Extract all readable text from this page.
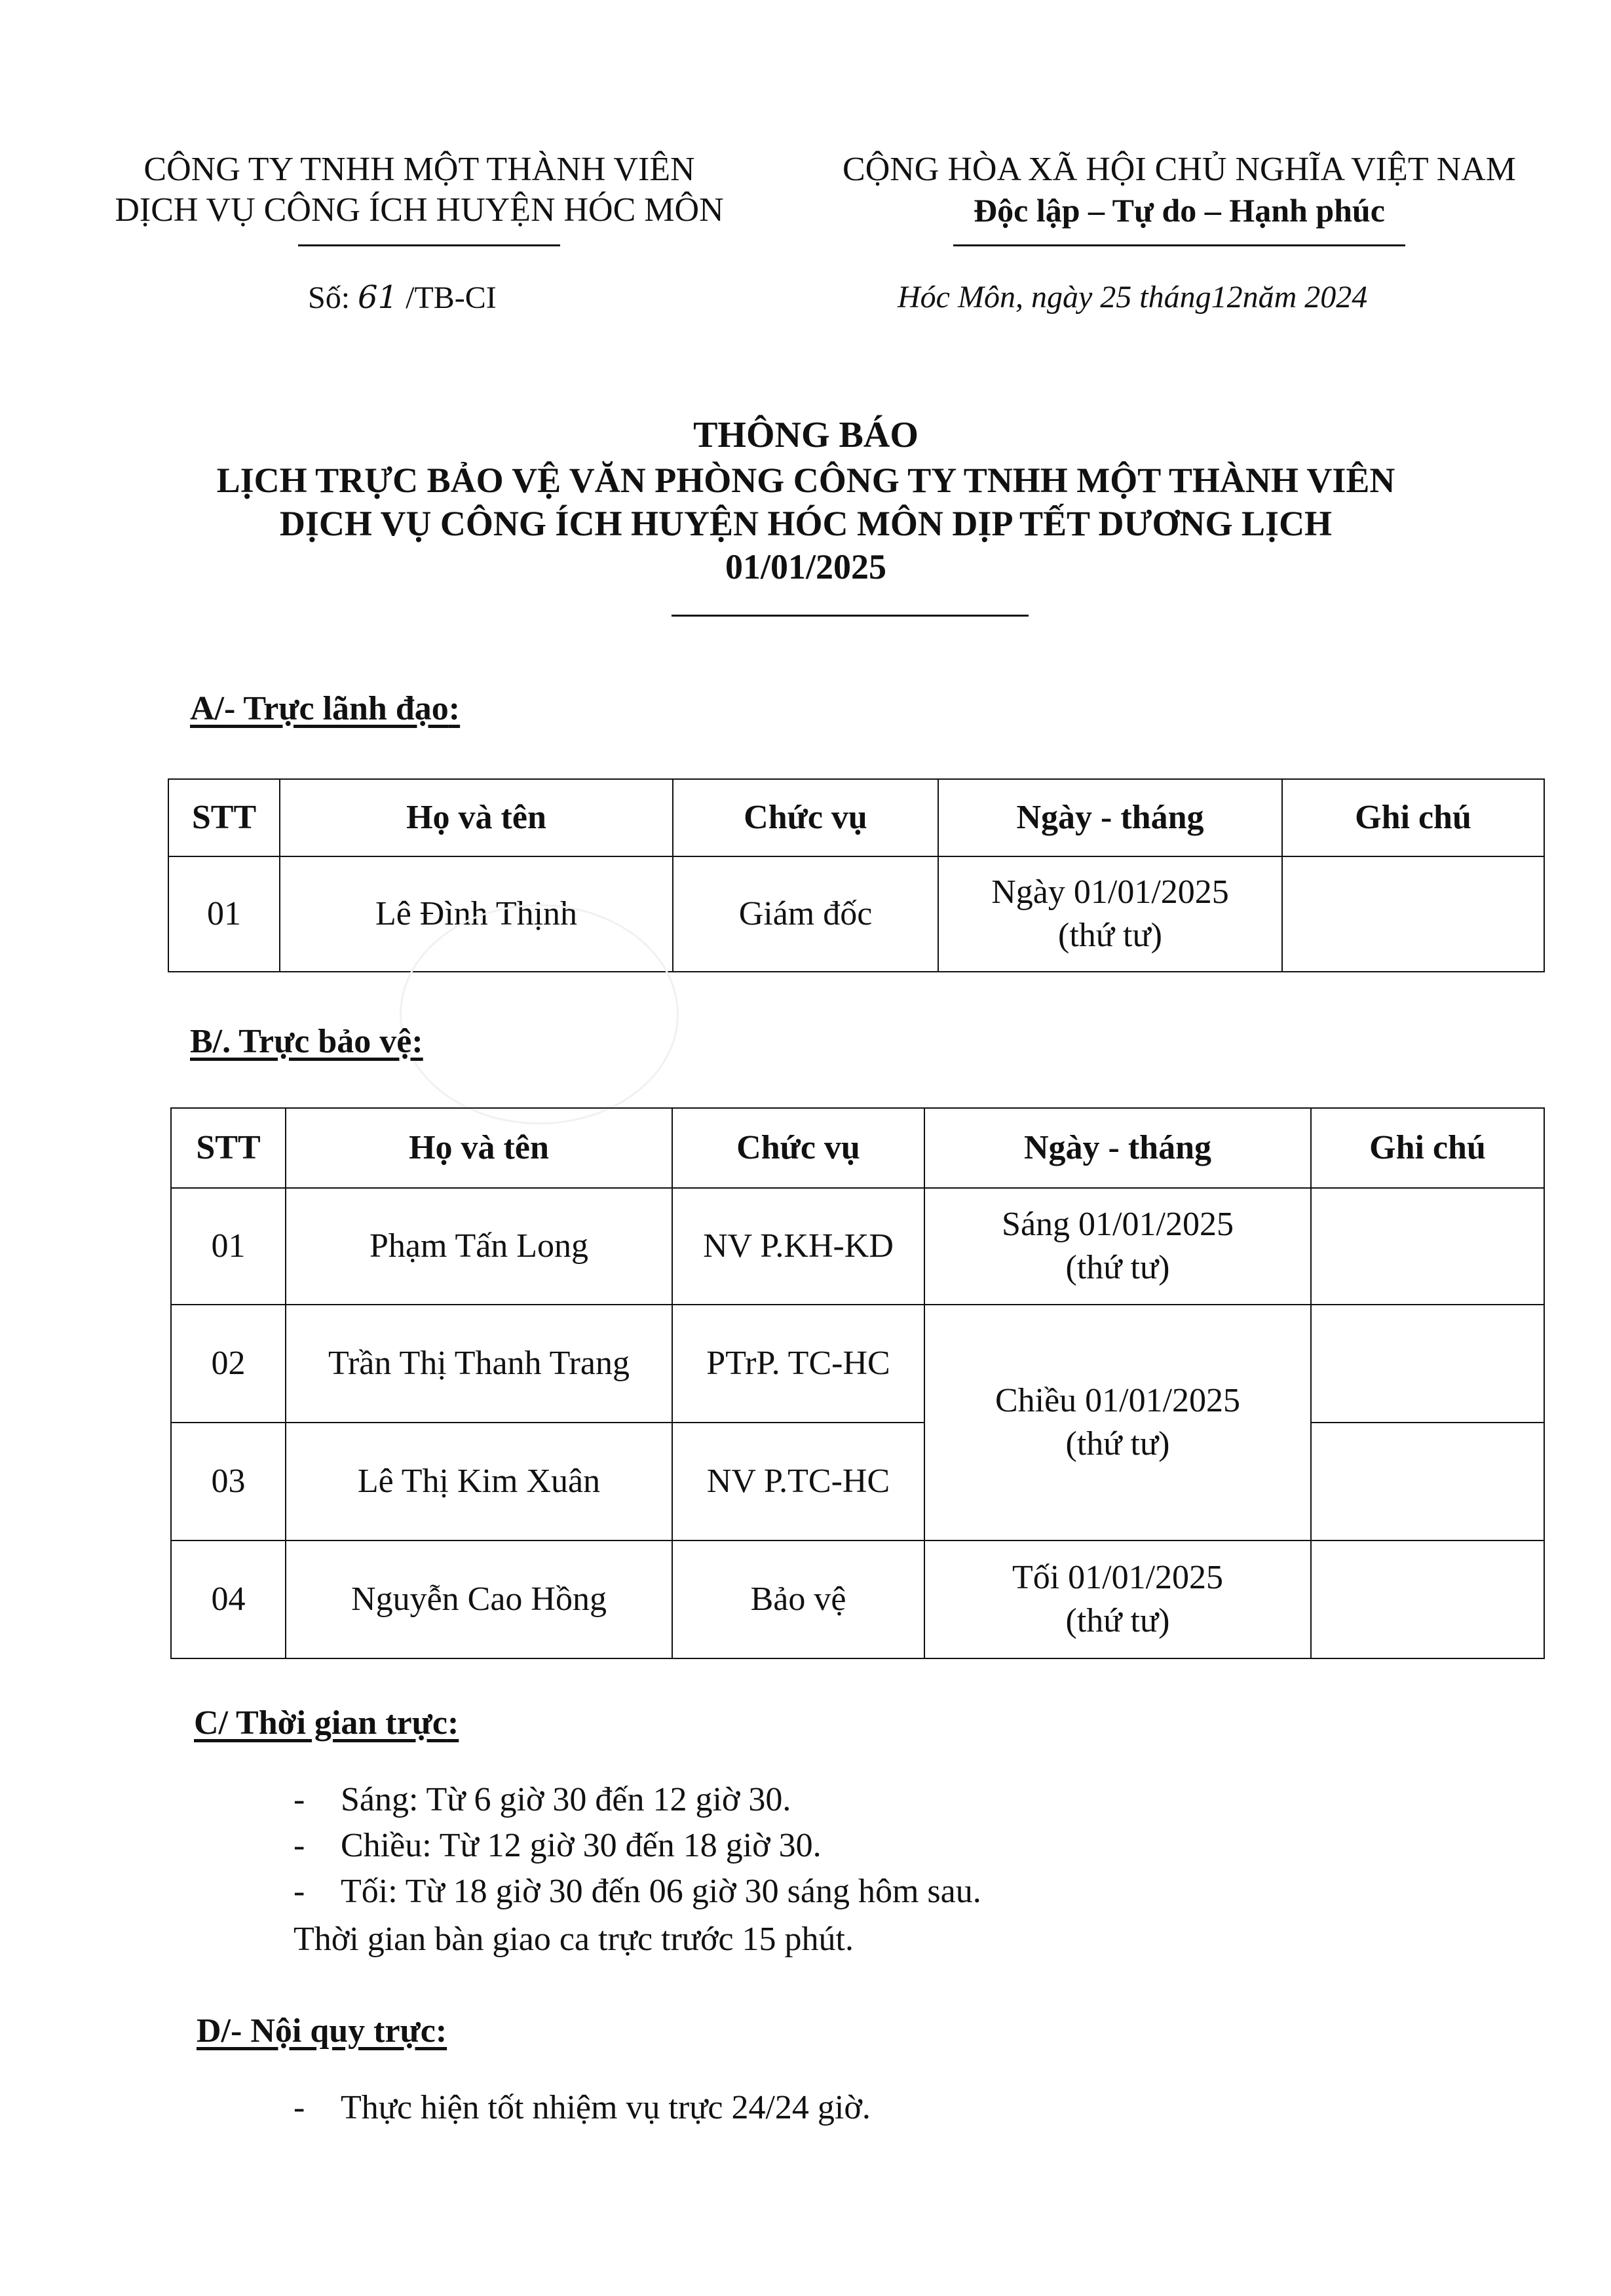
CÔNG TY TNHH MỘT THÀNH VIÊN
DỊCH VỤ CÔNG ÍCH HUYỆN HÓC MÔN
CỘNG HÒA XÃ HỘI CHỦ NGHĨA VIỆT NAM
Độc lập – Tự do – Hạnh phúc
Số: 61 /TB-CI	Hóc Môn, ngày 25 tháng12năm 2024
THÔNG BÁO
LỊCH TRỰC BẢO VỆ VĂN PHÒNG CÔNG TY TNHH MỘT THÀNH VIÊN
DỊCH VỤ CÔNG ÍCH HUYỆN HÓC MÔN DỊP TẾT DƯƠNG LỊCH
01/01/2025
A/- Trực lãnh đạo:
STT	Họ và tên	Chức vụ	Ngày - tháng	Ghi chú
01	Lê Đình Thịnh	Giám đốc	Ngày 01/01/2025
(thứ tư)	

B/. Trực bảo vệ:
STT	Họ và tên	Chức vụ	Ngày - tháng	Ghi chú
01	Phạm Tấn Long	NV P.KH-KD	Sáng 01/01/2025
(thứ tư)	

02	Trần Thị Thanh Trang	PTrP. TC-HC	Chiều 01/01/2025
(thứ tư)	

03	Lê Thị Kim Xuân	NV P.TC-HC		
04	Nguyễn Cao Hồng	Bảo vệ	Tối 01/01/2025
(thứ tư)	

C/ Thời gian trực:
- Sáng: Từ 6 giờ 30 đến 12 giờ 30.
- Chiều: Từ 12 giờ 30 đến 18 giờ 30.
- Tối: Từ 18 giờ 30 đến 06 giờ 30 sáng hôm sau.
Thời gian bàn giao ca trực trước 15 phút.
D/- Nội quy trực:
- Thực hiện tốt nhiệm vụ trực 24/24 giờ.
